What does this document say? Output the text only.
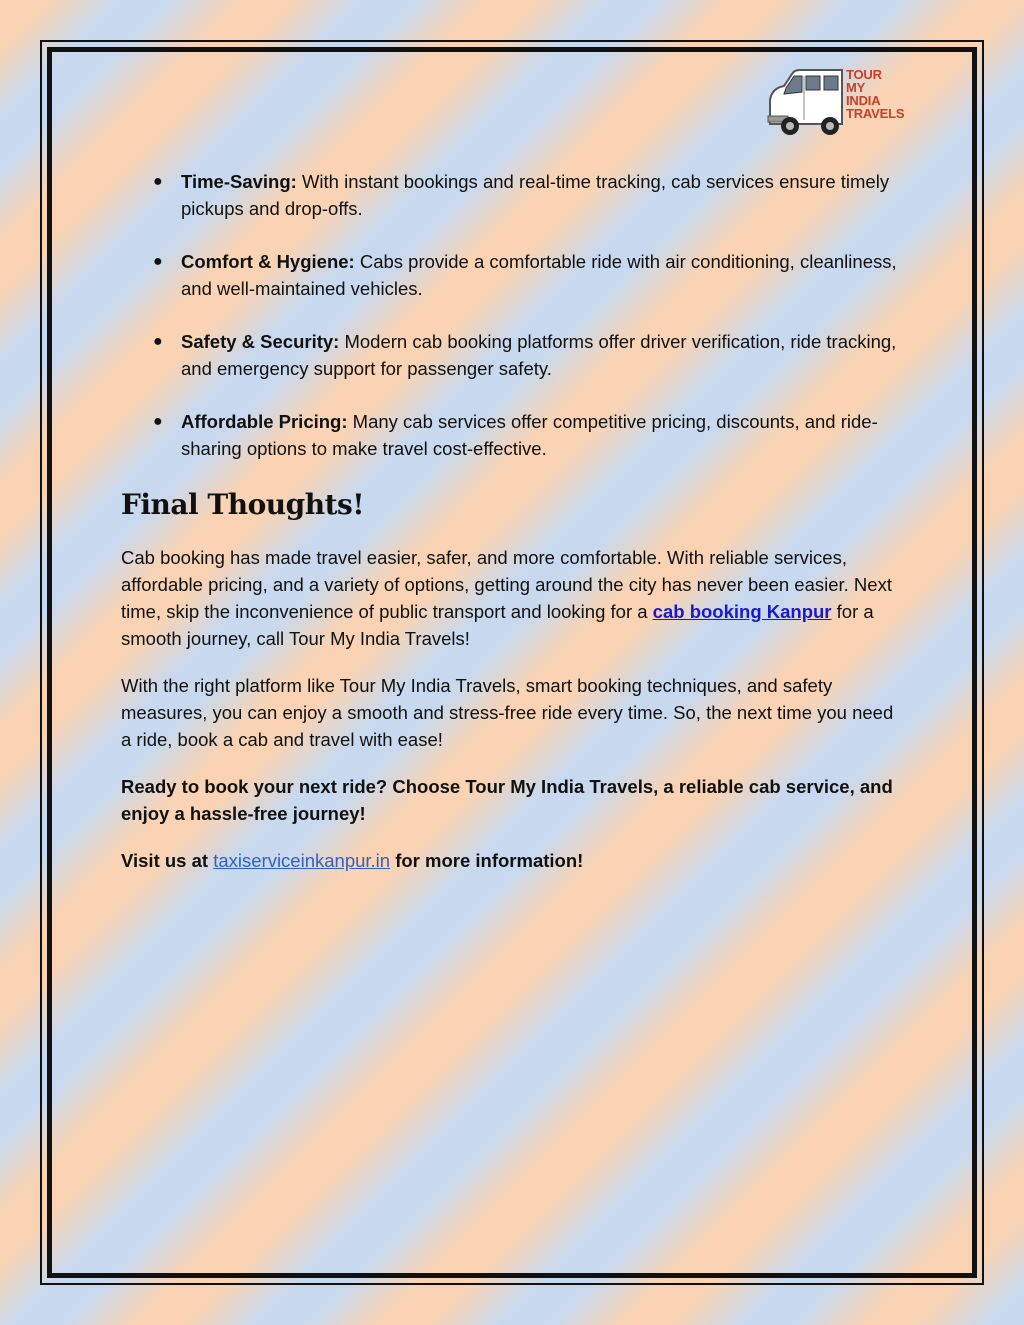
TOUR
MY
INDIA
TRAVELS
● Time-Saving: With instant bookings and real-time tracking, cab services ensure timely pickups and drop-offs.
● Comfort & Hygiene: Cabs provide a comfortable ride with air conditioning, cleanliness, and well-maintained vehicles.
● Safety & Security: Modern cab booking platforms offer driver verification, ride tracking, and emergency support for passenger safety.
● Affordable Pricing: Many cab services offer competitive pricing, discounts, and ride-sharing options to make travel cost-effective.
Final Thoughts!

Cab booking has made travel easier, safer, and more comfortable. With reliable services, affordable pricing, and a variety of options, getting around the city has never been easier. Next time, skip the inconvenience of public transport and looking for a cab booking Kanpur for a smooth journey, call Tour My India Travels!

With the right platform like Tour My India Travels, smart booking techniques, and safety measures, you can enjoy a smooth and stress-free ride every time. So, the next time you need a ride, book a cab and travel with ease!

Ready to book your next ride? Choose Tour My India Travels, a reliable cab service, and enjoy a hassle-free journey!

Visit us at taxiserviceinkanpur.in for more information!
